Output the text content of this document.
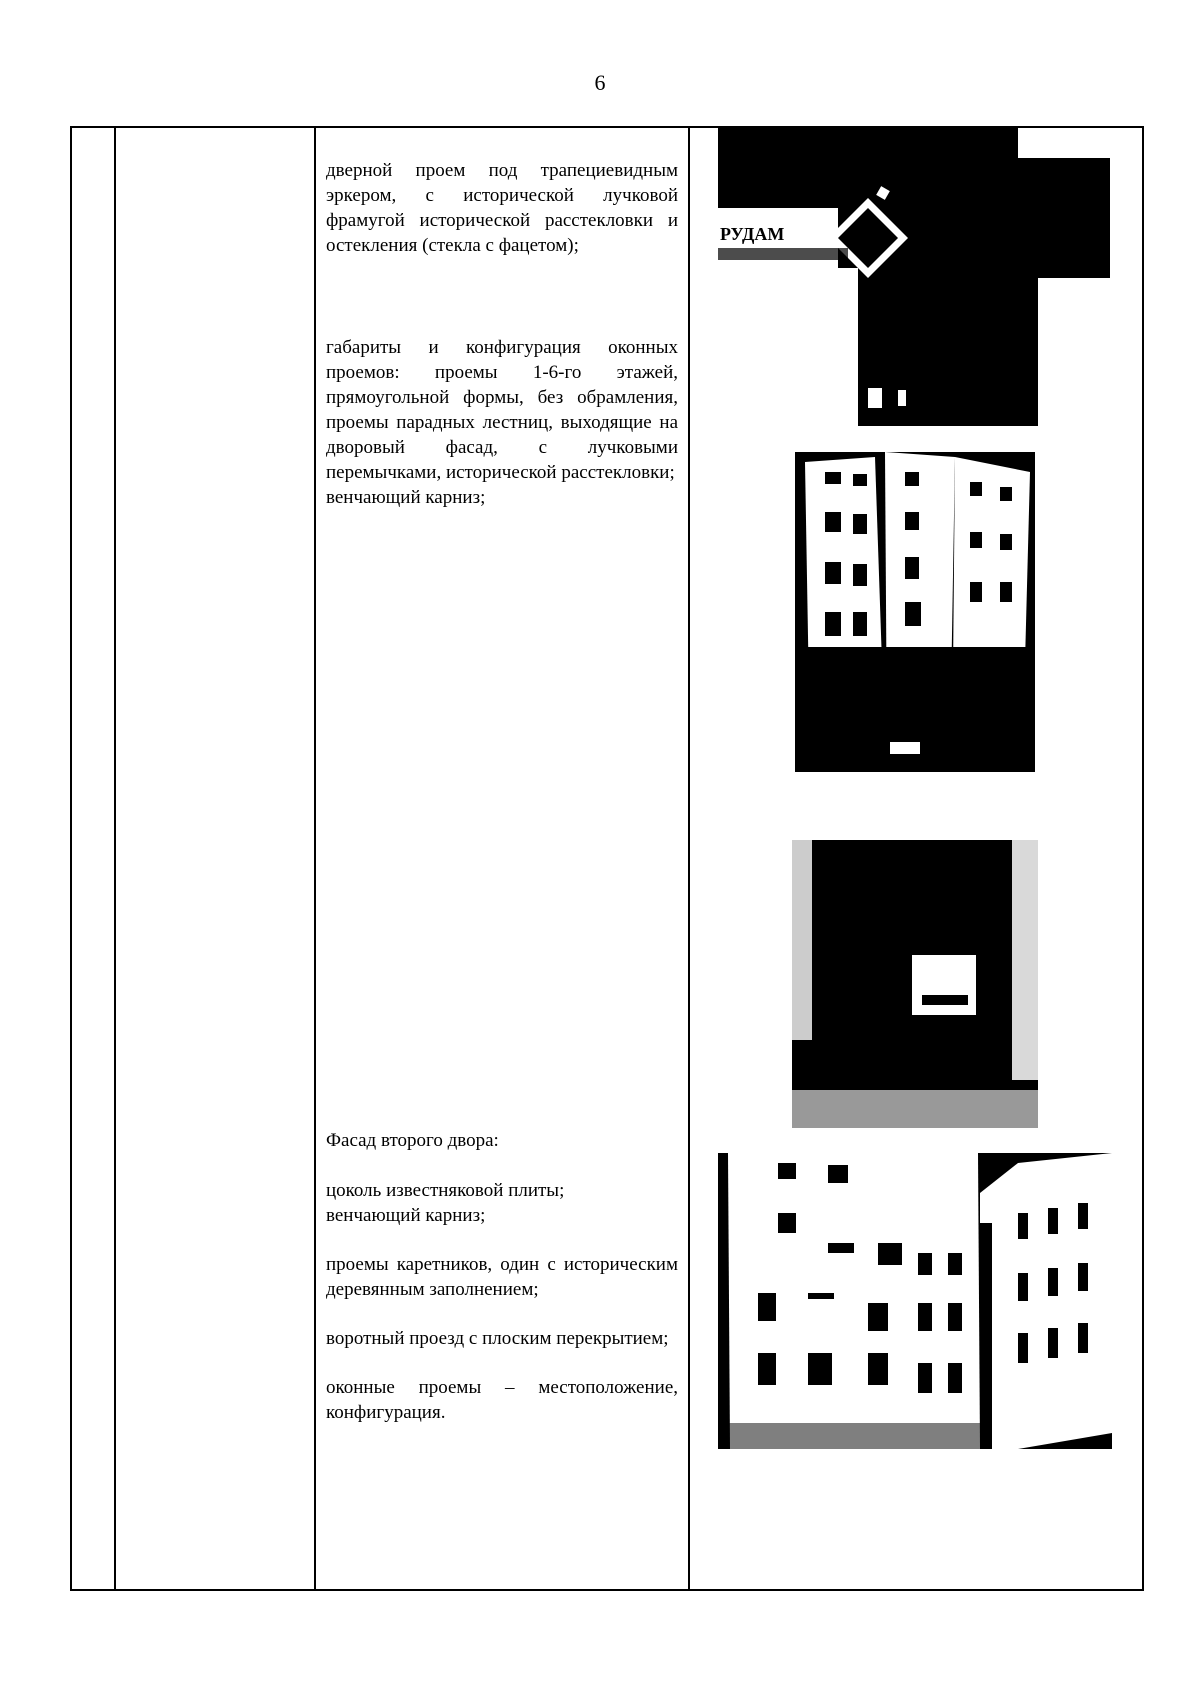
6

дверной проем под трапециевидным эркером, с исторической лучковой фрамугой исторической расстекловки и остекления (стекла с фацетом);

габариты и конфигурация оконных проемов: проемы 1-6-го этажей, прямоугольной формы, без обрамления, проемы парадных лестниц, выходящие на дворовый фасад, с лучковыми перемычками, исторической расстекловки;

венчающий карниз;

Фасад второго двора:

цоколь известняковой плиты;

венчающий карниз;

проемы каретников, один с историческим деревянным заполнением;

воротный проезд с плоским перекрытием;

оконные проемы – местоположение, конфигурация.

РУДАМ
